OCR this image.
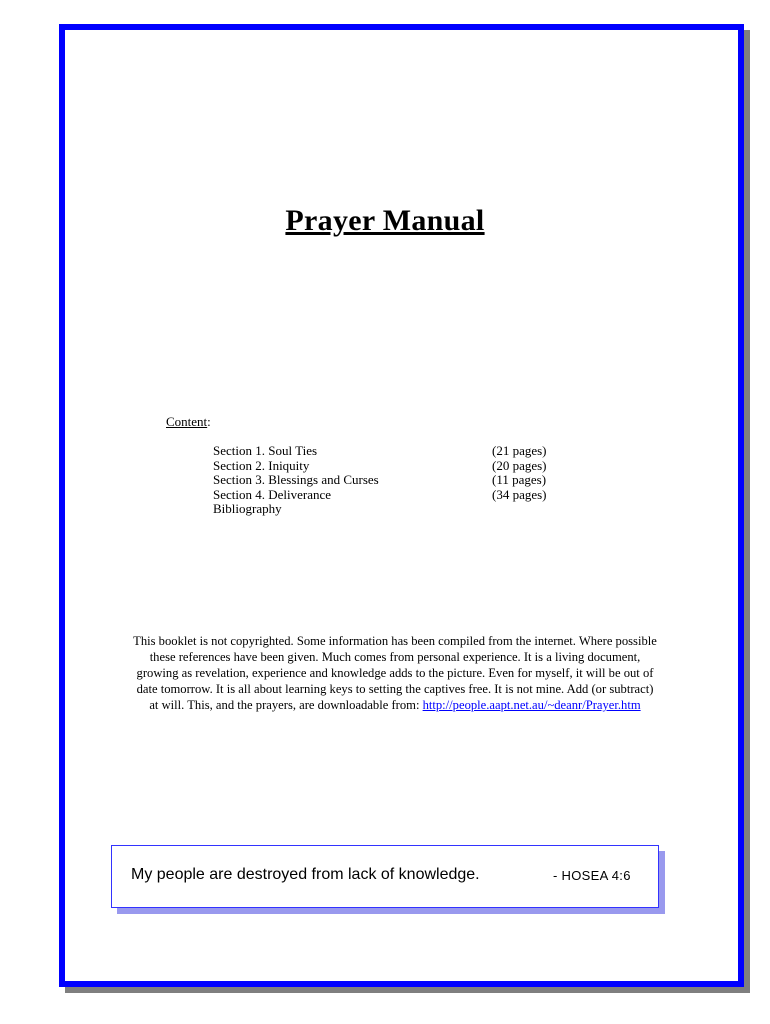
Prayer Manual
Content:
Section 1. Soul Ties	(21 pages)
Section 2. Iniquity	(20 pages)
Section 3. Blessings and Curses	(11 pages)
Section 4. Deliverance	(34 pages)
Bibliography
This booklet is not copyrighted. Some information has been compiled from the internet. Where possible
these references have been given. Much comes from personal experience. It is a living document,
growing as revelation, experience and knowledge adds to the picture. Even for myself, it will be out of
date tomorrow. It is all about learning keys to setting the captives free. It is not mine. Add (or subtract)
at will. This, and the prayers, are downloadable from: http://people.aapt.net.au/~deanr/Prayer.htm
My people are destroyed from lack of knowledge.	- HOSEA 4:6
